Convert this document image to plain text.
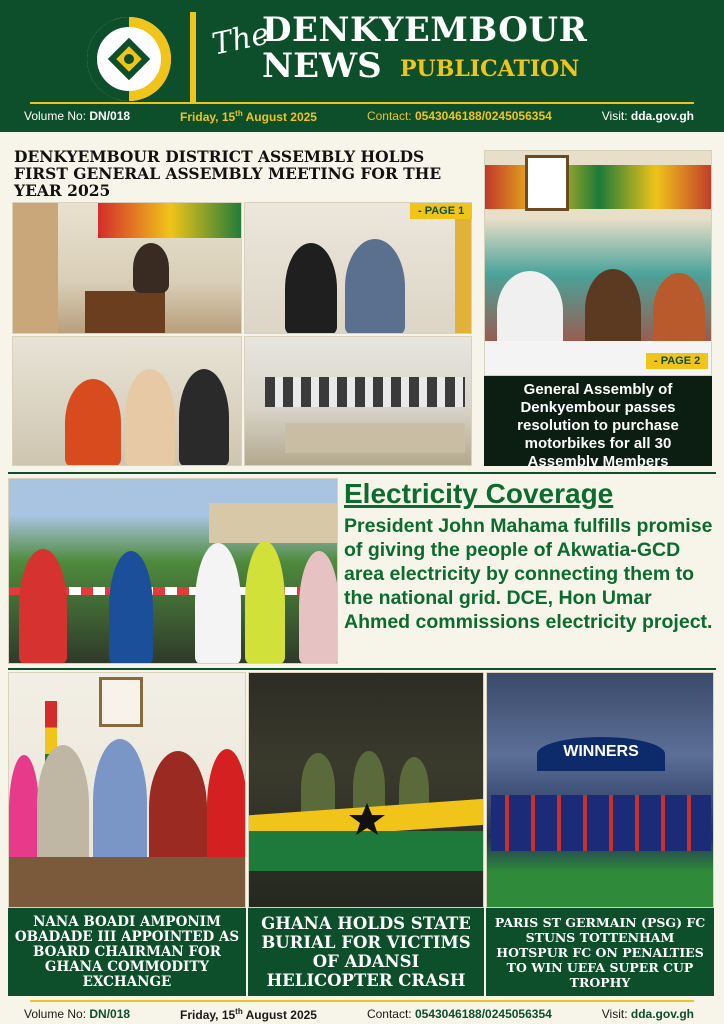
The
DENKYEMBOUR
NEWS PUBLICATION
Volume No: DN/018	Friday, 15th August 2025	Contact: 0543046188/0245056354	Visit: dda.gov.gh
DENKYEMBOUR DISTRICT ASSEMBLY HOLDS FIRST GENERAL ASSEMBLY MEETING FOR THE YEAR 2025
- PAGE 1
- PAGE 2
General Assembly of Denkyembour passes resolution to purchase motorbikes for all 30 Assembly Members
Electricity Coverage
President John Mahama fulfills promise of giving the people of Akwatia-GCD area electricity by connecting them to the national grid. DCE, Hon Umar Ahmed commissions electricity project.
WINNERS
NANA BOADI AMPONIM OBADADE III APPOINTED AS BOARD CHAIRMAN FOR GHANA COMMODITY EXCHANGE
GHANA HOLDS STATE BURIAL FOR VICTIMS OF ADANSI HELICOPTER CRASH
PARIS ST GERMAIN (PSG) FC STUNS TOTTENHAM HOTSPUR FC ON PENALTIES TO WIN UEFA SUPER CUP TROPHY
Volume No: DN/018	Friday, 15th August 2025	Contact: 0543046188/0245056354	Visit: dda.gov.gh
